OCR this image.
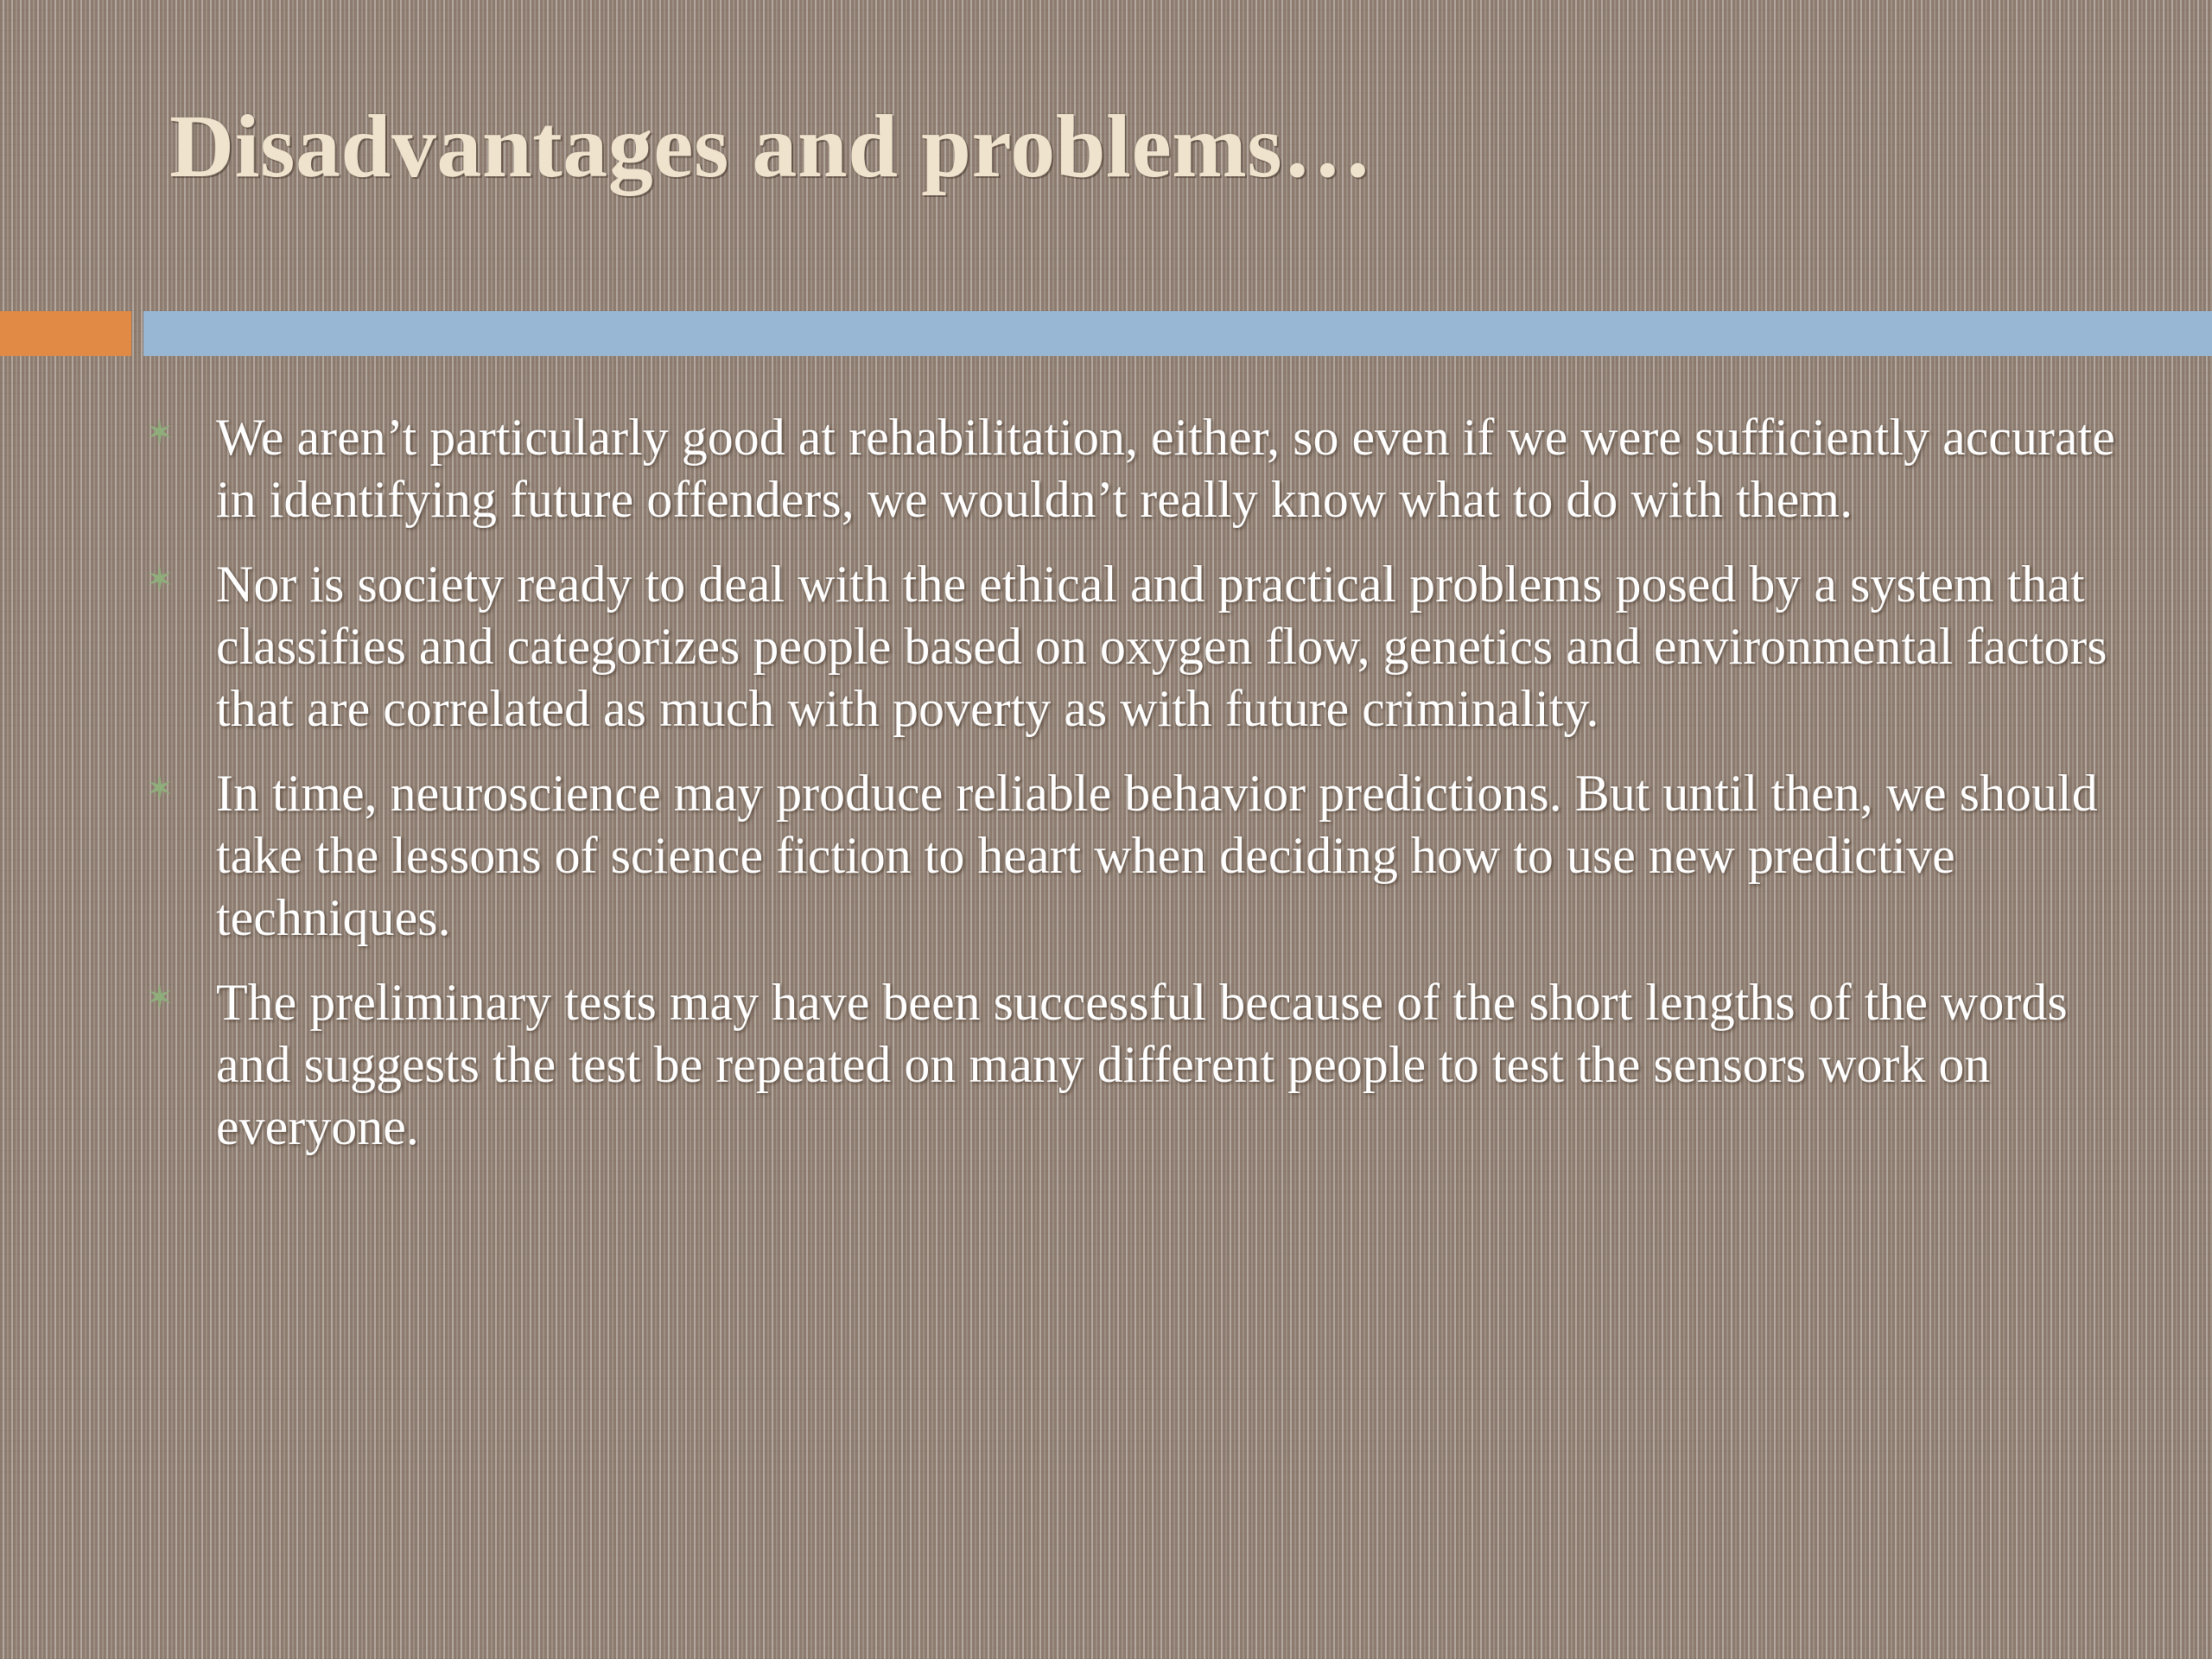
Disadvantages and problems…
✶ We aren’t particularly good at rehabilitation, either, so even if we were sufficiently accurate in identifying future offenders, we wouldn’t really know what to do with them.
✶ Nor is society ready to deal with the ethical and practical problems posed by a system that classifies and categorizes people based on oxygen flow, genetics and environmental factors that are correlated as much with poverty as with future criminality.
✶ In time, neuroscience may produce reliable behavior predictions. But until then, we should take the lessons of science fiction to heart when deciding how to use new predictive techniques.
✶ The preliminary tests may have been successful because of the short lengths of the words and suggests the test be repeated on many different people to test the sensors work on everyone.
